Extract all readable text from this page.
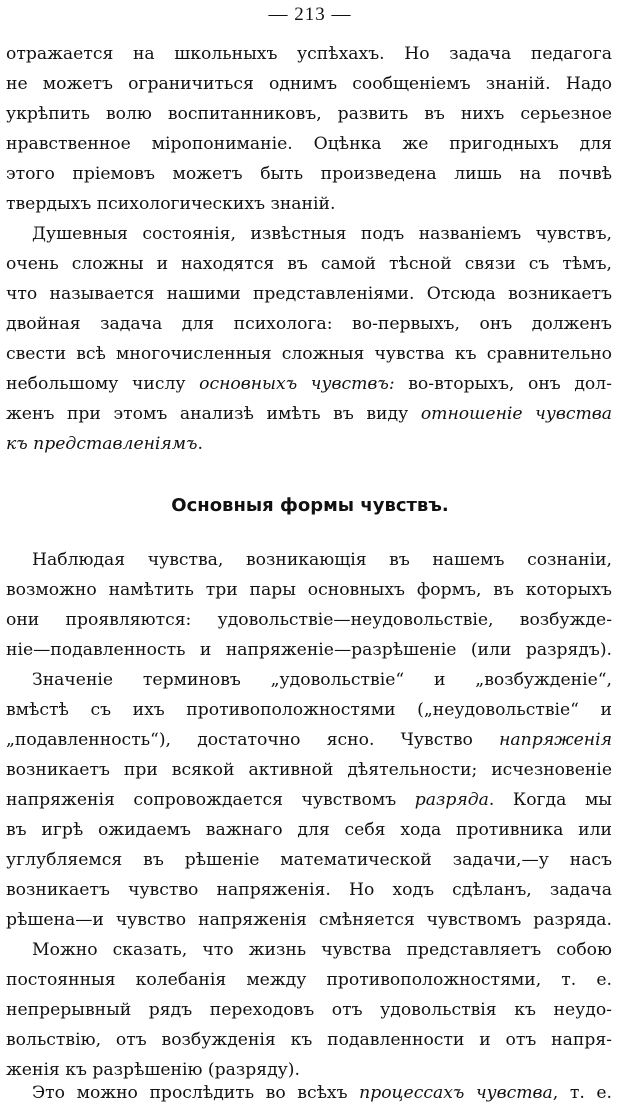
— 213 —
отражается на школьныхъ успѣхахъ. Но задача педагога
не можетъ ограничиться однимъ сообщеніемъ знаній. Надо
укрѣпить волю воспитанниковъ, развить въ нихъ серьезное
нравственное міропониманіе. Оцѣнка же пригодныхъ для
этого пріемовъ можетъ быть произведена лишь на почвѣ
твердыхъ психологическихъ знаній.
Душевныя состоянія, извѣстныя подъ названіемъ чувствъ,
очень сложны и находятся въ самой тѣсной связи съ тѣмъ,
что называется нашими представленіями. Отсюда возникаетъ
двойная задача для психолога: во-первыхъ, онъ долженъ
свести всѣ многочисленныя сложныя чувства къ сравнительно
небольшому числу основныхъ чувствъ: во-вторыхъ, онъ дол-
женъ при этомъ анализѣ имѣть въ виду отношеніе чувства
къ представленіямъ.
Основныя формы чувствъ.
Наблюдая чувства, возникающія въ нашемъ сознаніи,
возможно намѣтить три пары основныхъ формъ, въ которыхъ
они проявляются: удовольствіе—неудовольствіе, возбужде-
ніе—подавленность и напряженіе—разрѣшеніе (или разрядъ).
Значеніе терминовъ „удовольствіе“ и „возбужденіе“,
вмѣстѣ съ ихъ противоположностями („неудовольствіе“ и
„подавленность“), достаточно ясно. Чувство напряженія
возникаетъ при всякой активной дѣятельности; исчезновеніе
напряженія сопровождается чувствомъ разряда. Когда мы
въ игрѣ ожидаемъ важнаго для себя хода противника или
углубляемся въ рѣшеніе математической задачи,—у насъ
возникаетъ чувство напряженія. Но ходъ сдѣланъ, задача
рѣшена—и чувство напряженія смѣняется чувствомъ разряда.
Можно сказать, что жизнь чувства представляетъ собою
постоянныя колебанія между противоположностями, т. е.
непрерывный рядъ переходовъ отъ удовольствія къ неудо-
вольствію, отъ возбужденія къ подавленности и отъ напря-
женія къ разрѣшенію (разряду).
Это можно прослѣдить во всѣхъ процессахъ чувства, т. е.
